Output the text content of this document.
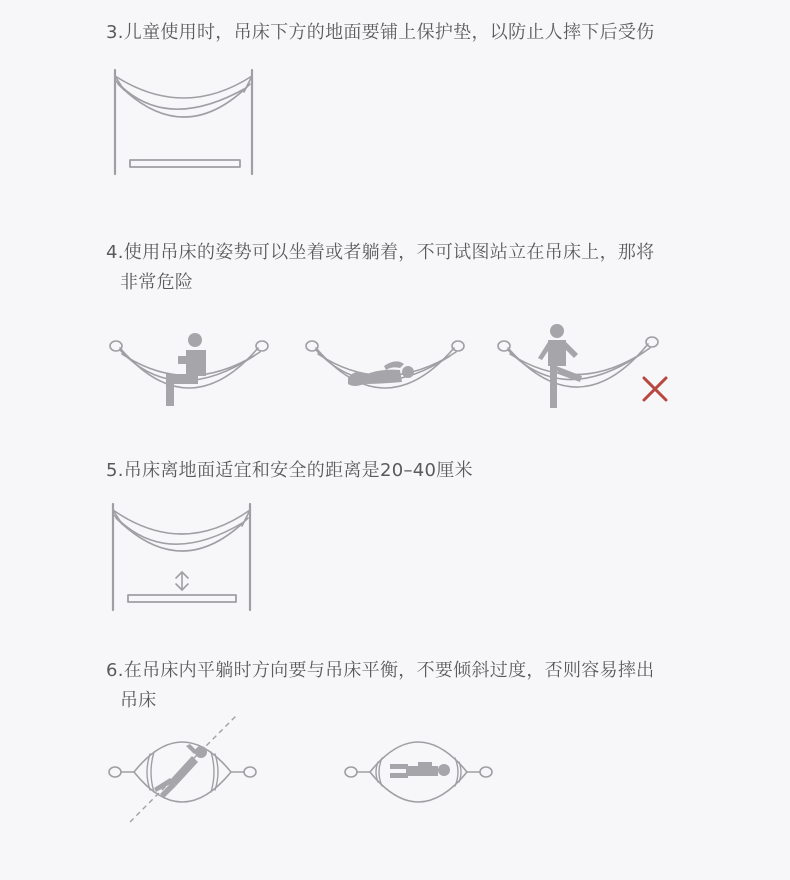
3.儿童使用时，吊床下方的地面要铺上保护垫，以防止人摔下后受伤
4.使用吊床的姿势可以坐着或者躺着，不可试图站立在吊床上，那将
非常危险
5.吊床离地面适宜和安全的距离是20–40厘米
6.在吊床内平躺时方向要与吊床平衡，不要倾斜过度，否则容易摔出
吊床
